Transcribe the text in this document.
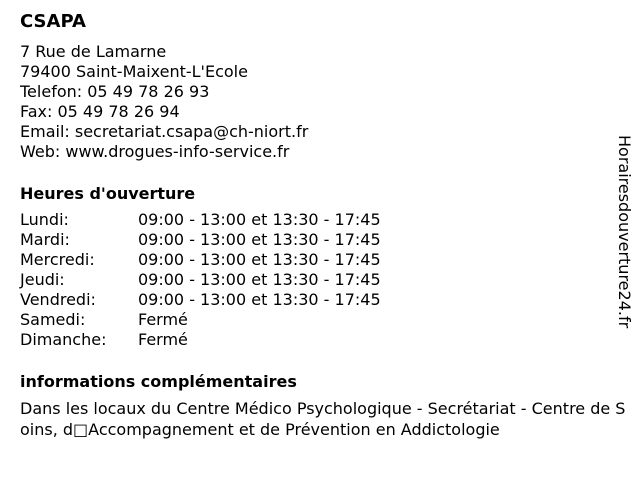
CSAPA
7 Rue de Lamarne
79400 Saint-Maixent-L'Ecole
Telefon: 05 49 78 26 93
Fax: 05 49 78 26 94
Email: secretariat.csapa@ch-niort.fr
Web: www.drogues-info-service.fr
Heures d'ouverture
Lundi:	09:00 - 13:00 et 13:30 - 17:45
Mardi:	09:00 - 13:00 et 13:30 - 17:45
Mercredi:	09:00 - 13:00 et 13:30 - 17:45
Jeudi:	09:00 - 13:00 et 13:30 - 17:45
Vendredi:	09:00 - 13:00 et 13:30 - 17:45
Samedi:	Fermé
Dimanche:	Fermé
informations complémentaires
Dans les locaux du Centre Médico Psychologique - Secrétariat - Centre de Soins, d□Accompagnement et de Prévention en Addictologie
Horairesdouverture24.fr
